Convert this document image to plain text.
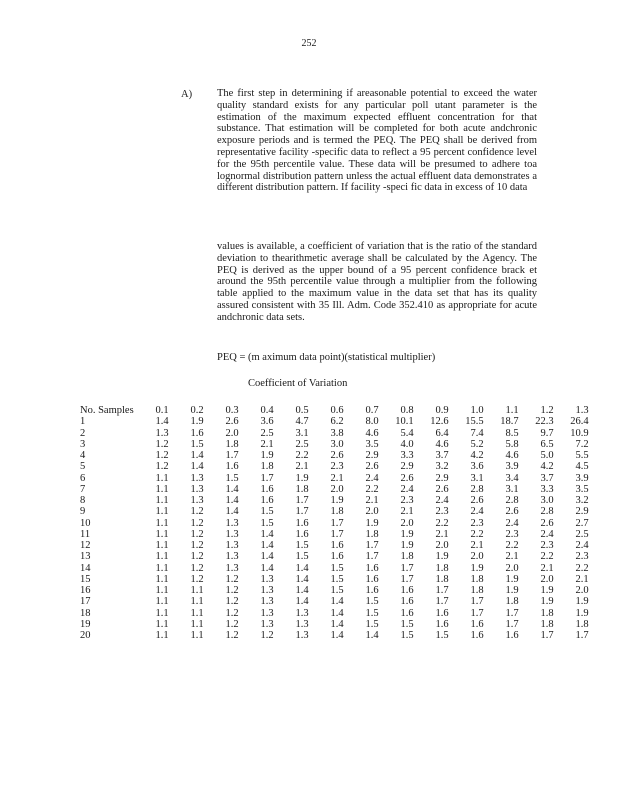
252
A) The first step in determining if areasonable potential to exceed the water quality standard exists for any particular poll utant parameter is the estimation of the maximum expected effluent concentration for that substance. That estimation will be completed for both acute andchronic exposure periods and is termed the PEQ. The PEQ shall be derived from representative facility -specific data to reflect a 95 percent confidence level for the 95th percentile value. These data will be presumed to adhere toa lognormal distribution pattern unless the actual effluent data demonstrates a different distribution pattern. If facility -speci fic data in excess of 10 data

values is available, a coefficient of variation that is the ratio of the standard deviation to thearithmetic average shall be calculated by the Agency. The PEQ is derived as the upper bound of a 95 percent confidence brack et around the 95th percentile value through a multiplier from the following table applied to the maximum value in the data set that has its quality assured consistent with 35 Ill. Adm. Code 352.410 as appropriate for acute andchronic data sets.

PEQ = (m aximum data point)(statistical multiplier)
Coefficient of Variation
No. Samples	0.1	0.2	0.3	0.4	0.5	0.6	0.7	0.8	0.9	1.0	1.1	1.2	1.3
1	1.4	1.9	2.6	3.6	4.7	6.2	8.0	10.1	12.6	15.5	18.7	22.3	26.4
2	1.3	1.6	2.0	2.5	3.1	3.8	4.6	5.4	6.4	7.4	8.5	9.7	10.9
3	1.2	1.5	1.8	2.1	2.5	3.0	3.5	4.0	4.6	5.2	5.8	6.5	7.2
4	1.2	1.4	1.7	1.9	2.2	2.6	2.9	3.3	3.7	4.2	4.6	5.0	5.5
5	1.2	1.4	1.6	1.8	2.1	2.3	2.6	2.9	3.2	3.6	3.9	4.2	4.5
6	1.1	1.3	1.5	1.7	1.9	2.1	2.4	2.6	2.9	3.1	3.4	3.7	3.9
7	1.1	1.3	1.4	1.6	1.8	2.0	2.2	2.4	2.6	2.8	3.1	3.3	3.5
8	1.1	1.3	1.4	1.6	1.7	1.9	2.1	2.3	2.4	2.6	2.8	3.0	3.2
9	1.1	1.2	1.4	1.5	1.7	1.8	2.0	2.1	2.3	2.4	2.6	2.8	2.9
10	1.1	1.2	1.3	1.5	1.6	1.7	1.9	2.0	2.2	2.3	2.4	2.6	2.7
11	1.1	1.2	1.3	1.4	1.6	1.7	1.8	1.9	2.1	2.2	2.3	2.4	2.5
12	1.1	1.2	1.3	1.4	1.5	1.6	1.7	1.9	2.0	2.1	2.2	2.3	2.4
13	1.1	1.2	1.3	1.4	1.5	1.6	1.7	1.8	1.9	2.0	2.1	2.2	2.3
14	1.1	1.2	1.3	1.4	1.4	1.5	1.6	1.7	1.8	1.9	2.0	2.1	2.2
15	1.1	1.2	1.2	1.3	1.4	1.5	1.6	1.7	1.8	1.8	1.9	2.0	2.1
16	1.1	1.1	1.2	1.3	1.4	1.5	1.6	1.6	1.7	1.8	1.9	1.9	2.0
17	1.1	1.1	1.2	1.3	1.4	1.4	1.5	1.6	1.7	1.7	1.8	1.9	1.9
18	1.1	1.1	1.2	1.3	1.3	1.4	1.5	1.6	1.6	1.7	1.7	1.8	1.9
19	1.1	1.1	1.2	1.3	1.3	1.4	1.5	1.5	1.6	1.6	1.7	1.8	1.8
20	1.1	1.1	1.2	1.2	1.3	1.4	1.4	1.5	1.5	1.6	1.6	1.7	1.7
